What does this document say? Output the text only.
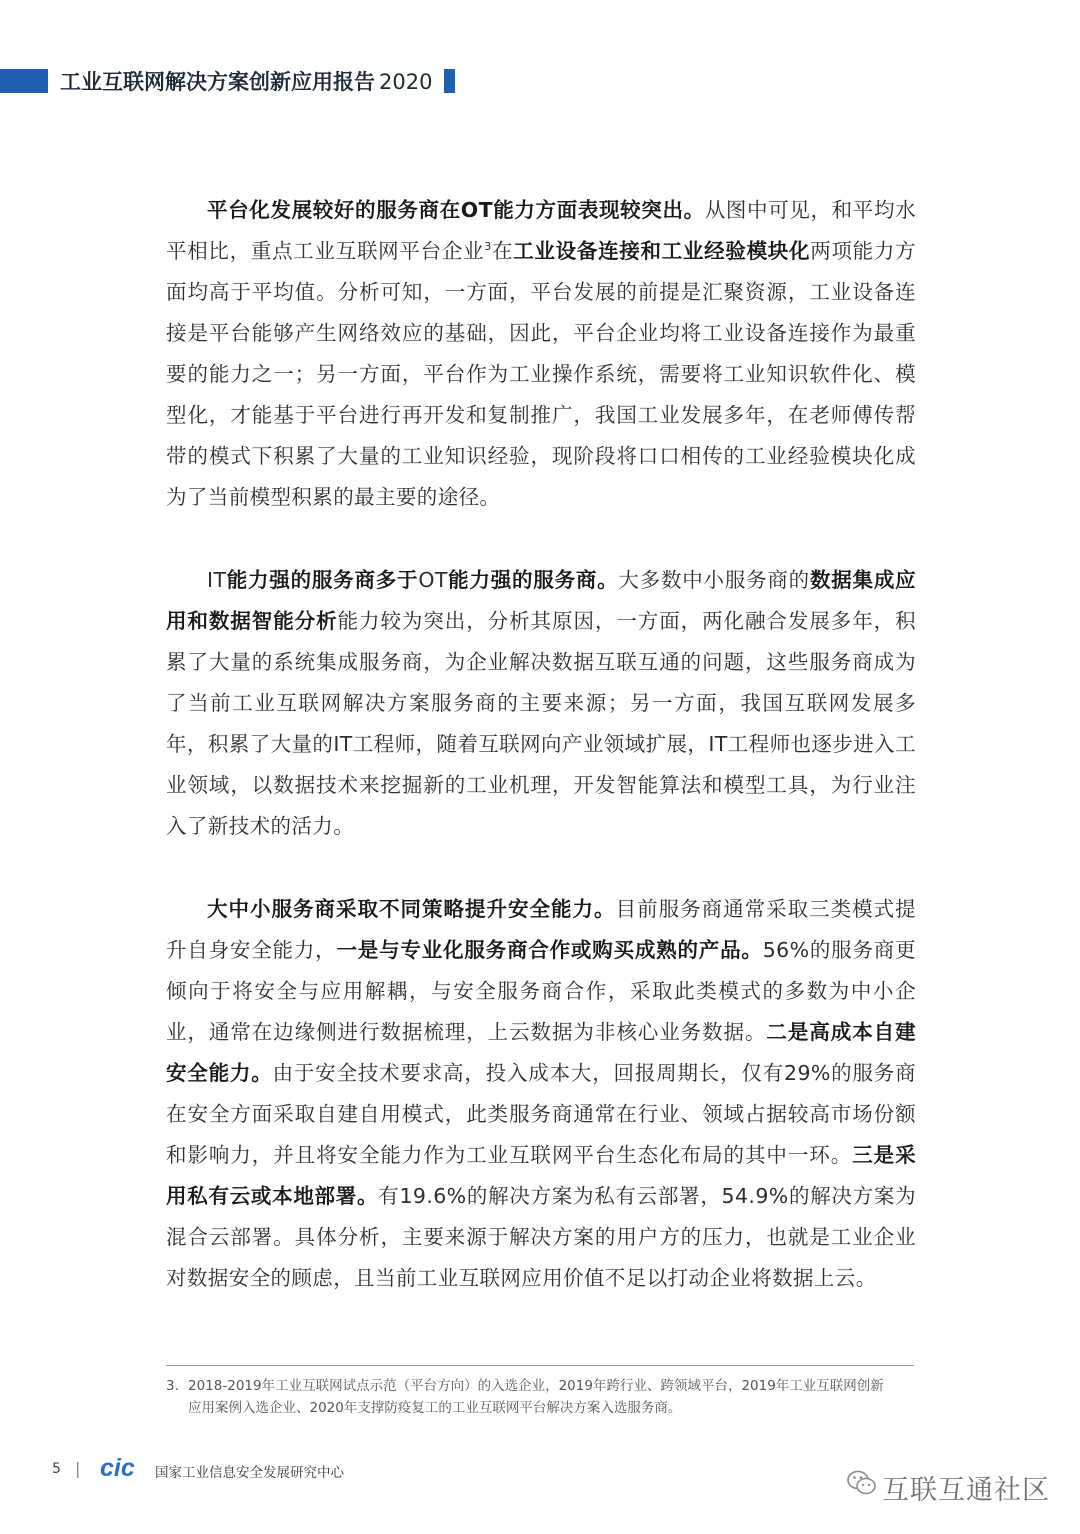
工业互联网解决方案创新应用报告 2020

平台化发展较好的服务商在OT能力方面表现较突出。从图中可见，和平均水平相比，重点工业互联网平台企业$^3$在工业设备连接和工业经验模块化两项能力方面均高于平均值。分析可知，一方面，平台发展的前提是汇聚资源，工业设备连接是平台能够产生网络效应的基础，因此，平台企业均将工业设备连接作为最重要的能力之一；另一方面，平台作为工业操作系统，需要将工业知识软件化、模型化，才能基于平台进行再开发和复制推广，我国工业发展多年，在老师傅传帮带的模式下积累了大量的工业知识经验，现阶段将口口相传的工业经验模块化成为了当前模型积累的最主要的途径。

IT能力强的服务商多于OT能力强的服务商。大多数中小服务商的数据集成应用和数据智能分析能力较为突出，分析其原因，一方面，两化融合发展多年，积累了大量的系统集成服务商，为企业解决数据互联互通的问题，这些服务商成为了当前工业互联网解决方案服务商的主要来源；另一方面，我国互联网发展多年，积累了大量的IT工程师，随着互联网向产业领域扩展，IT工程师也逐步进入工业领域，以数据技术来挖掘新的工业机理，开发智能算法和模型工具，为行业注入了新技术的活力。

大中小服务商采取不同策略提升安全能力。目前服务商通常采取三类模式提升自身安全能力，一是与专业化服务商合作或购买成熟的产品。56%的服务商更倾向于将安全与应用解耦，与安全服务商合作，采取此类模式的多数为中小企业，通常在边缘侧进行数据梳理，上云数据为非核心业务数据。二是高成本自建安全能力。由于安全技术要求高，投入成本大，回报周期长，仅有29%的服务商在安全方面采取自建自用模式，此类服务商通常在行业、领域占据较高市场份额和影响力，并且将安全能力作为工业互联网平台生态化布局的其中一环。三是采用私有云或本地部署。有19.6%的解决方案为私有云部署，54.9%的解决方案为混合云部署。具体分析，主要来源于解决方案的用户方的压力，也就是工业企业对数据安全的顾虑，且当前工业互联网应用价值不足以打动企业将数据上云。

3. 2018-2019年工业互联网试点示范（平台方向）的入选企业，2019年跨行业、跨领域平台，2019年工业互联网创新应用案例入选企业、2020年支撑防疫复工的工业互联网平台解决方案入选服务商。
5 | cic 国家工业信息安全发展研究中心
互联互通社区
